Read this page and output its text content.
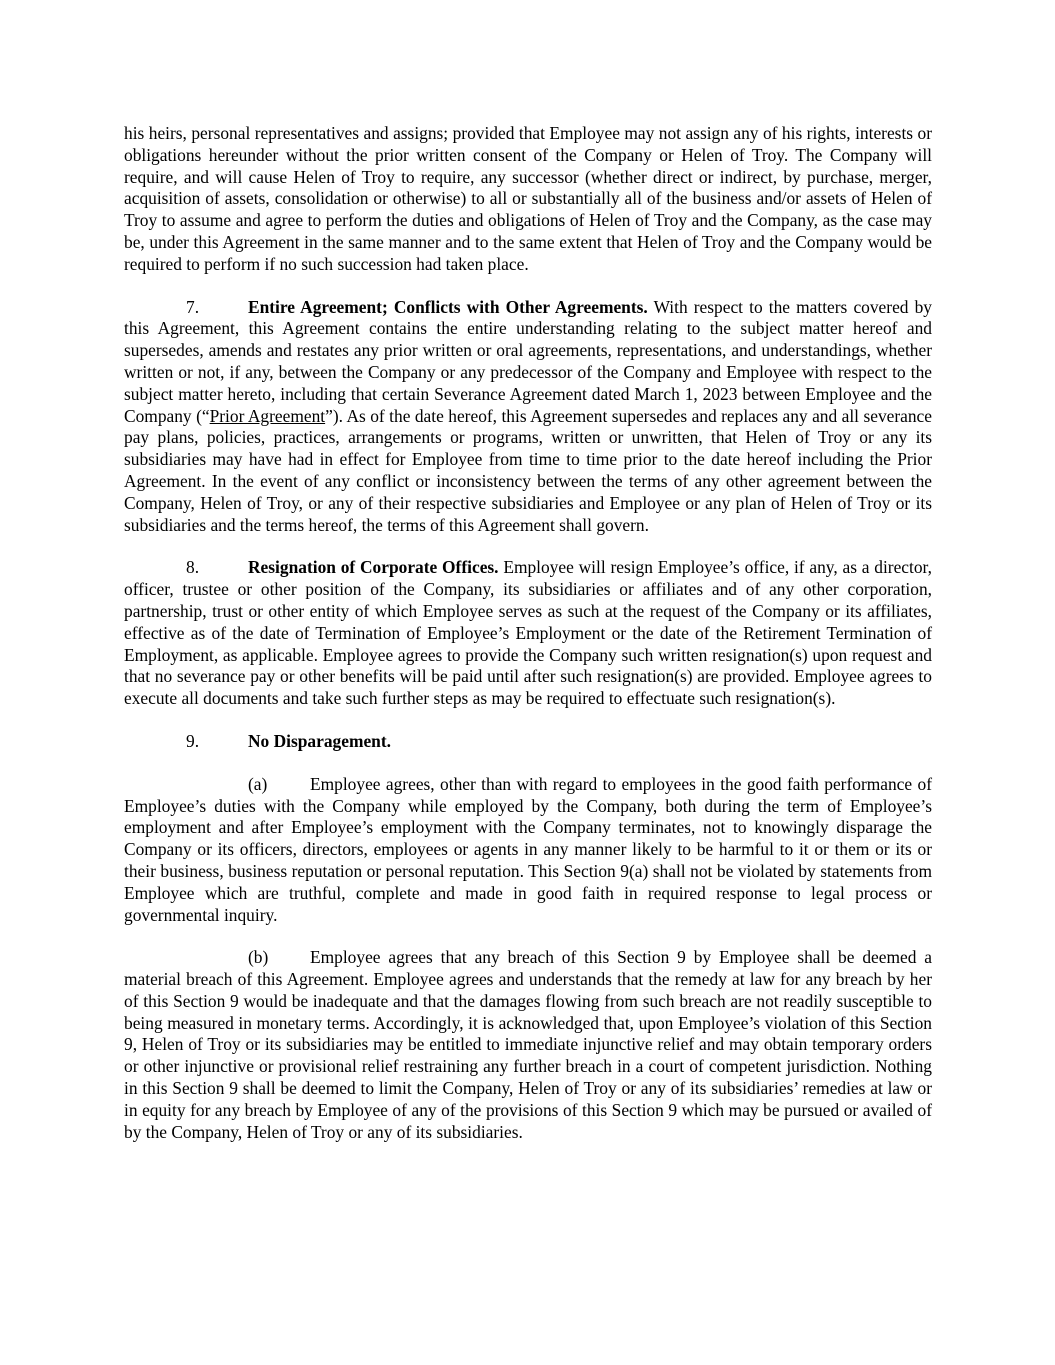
his heirs, personal representatives and assigns; provided that Employee may not assign any of his rights, interests or obligations hereunder without the prior written consent of the Company or Helen of Troy. The Company will require, and will cause Helen of Troy to require, any successor (whether direct or indirect, by purchase, merger, acquisition of assets, consolidation or otherwise) to all or substantially all of the business and/or assets of Helen of Troy to assume and agree to perform the duties and obligations of Helen of Troy and the Company, as the case may be, under this Agreement in the same manner and to the same extent that Helen of Troy and the Company would be required to perform if no such succession had taken place.

7.	Entire Agreement; Conflicts with Other Agreements. With respect to the matters covered by this Agreement, this Agreement contains the entire understanding relating to the subject matter hereof and supersedes, amends and restates any prior written or oral agreements, representations, and understandings, whether written or not, if any, between the Company or any predecessor of the Company and Employee with respect to the subject matter hereto, including that certain Severance Agreement dated March 1, 2023 between Employee and the Company (“Prior Agreement”). As of the date hereof, this Agreement supersedes and replaces any and all severance pay plans, policies, practices, arrangements or programs, written or unwritten, that Helen of Troy or any its subsidiaries may have had in effect for Employee from time to time prior to the date hereof including the Prior Agreement. In the event of any conflict or inconsistency between the terms of any other agreement between the Company, Helen of Troy, or any of their respective subsidiaries and Employee or any plan of Helen of Troy or its subsidiaries and the terms hereof, the terms of this Agreement shall govern.

8.	Resignation of Corporate Offices. Employee will resign Employee’s office, if any, as a director, officer, trustee or other position of the Company, its subsidiaries or affiliates and of any other corporation, partnership, trust or other entity of which Employee serves as such at the request of the Company or its affiliates, effective as of the date of Termination of Employee’s Employment or the date of the Retirement Termination of Employment, as applicable. Employee agrees to provide the Company such written resignation(s) upon request and that no severance pay or other benefits will be paid until after such resignation(s) are provided. Employee agrees to execute all documents and take such further steps as may be required to effectuate such resignation(s).

9.	No Disparagement.

(a) Employee agrees, other than with regard to employees in the good faith performance of Employee’s duties with the Company while employed by the Company, both during the term of Employee’s employment and after Employee’s employment with the Company terminates, not to knowingly disparage the Company or its officers, directors, employees or agents in any manner likely to be harmful to it or them or its or their business, business reputation or personal reputation. This Section 9(a) shall not be violated by statements from Employee which are truthful, complete and made in good faith in required response to legal process or governmental inquiry.

(b) Employee agrees that any breach of this Section 9 by Employee shall be deemed a material breach of this Agreement. Employee agrees and understands that the remedy at law for any breach by her of this Section 9 would be inadequate and that the damages flowing from such breach are not readily susceptible to being measured in monetary terms. Accordingly, it is acknowledged that, upon Employee’s violation of this Section 9, Helen of Troy or its subsidiaries may be entitled to immediate injunctive relief and may obtain temporary orders or other injunctive or provisional relief restraining any further breach in a court of competent jurisdiction. Nothing in this Section 9 shall be deemed to limit the Company, Helen of Troy or any of its subsidiaries’ remedies at law or in equity for any breach by Employee of any of the provisions of this Section 9 which may be pursued or availed of by the Company, Helen of Troy or any of its subsidiaries.
